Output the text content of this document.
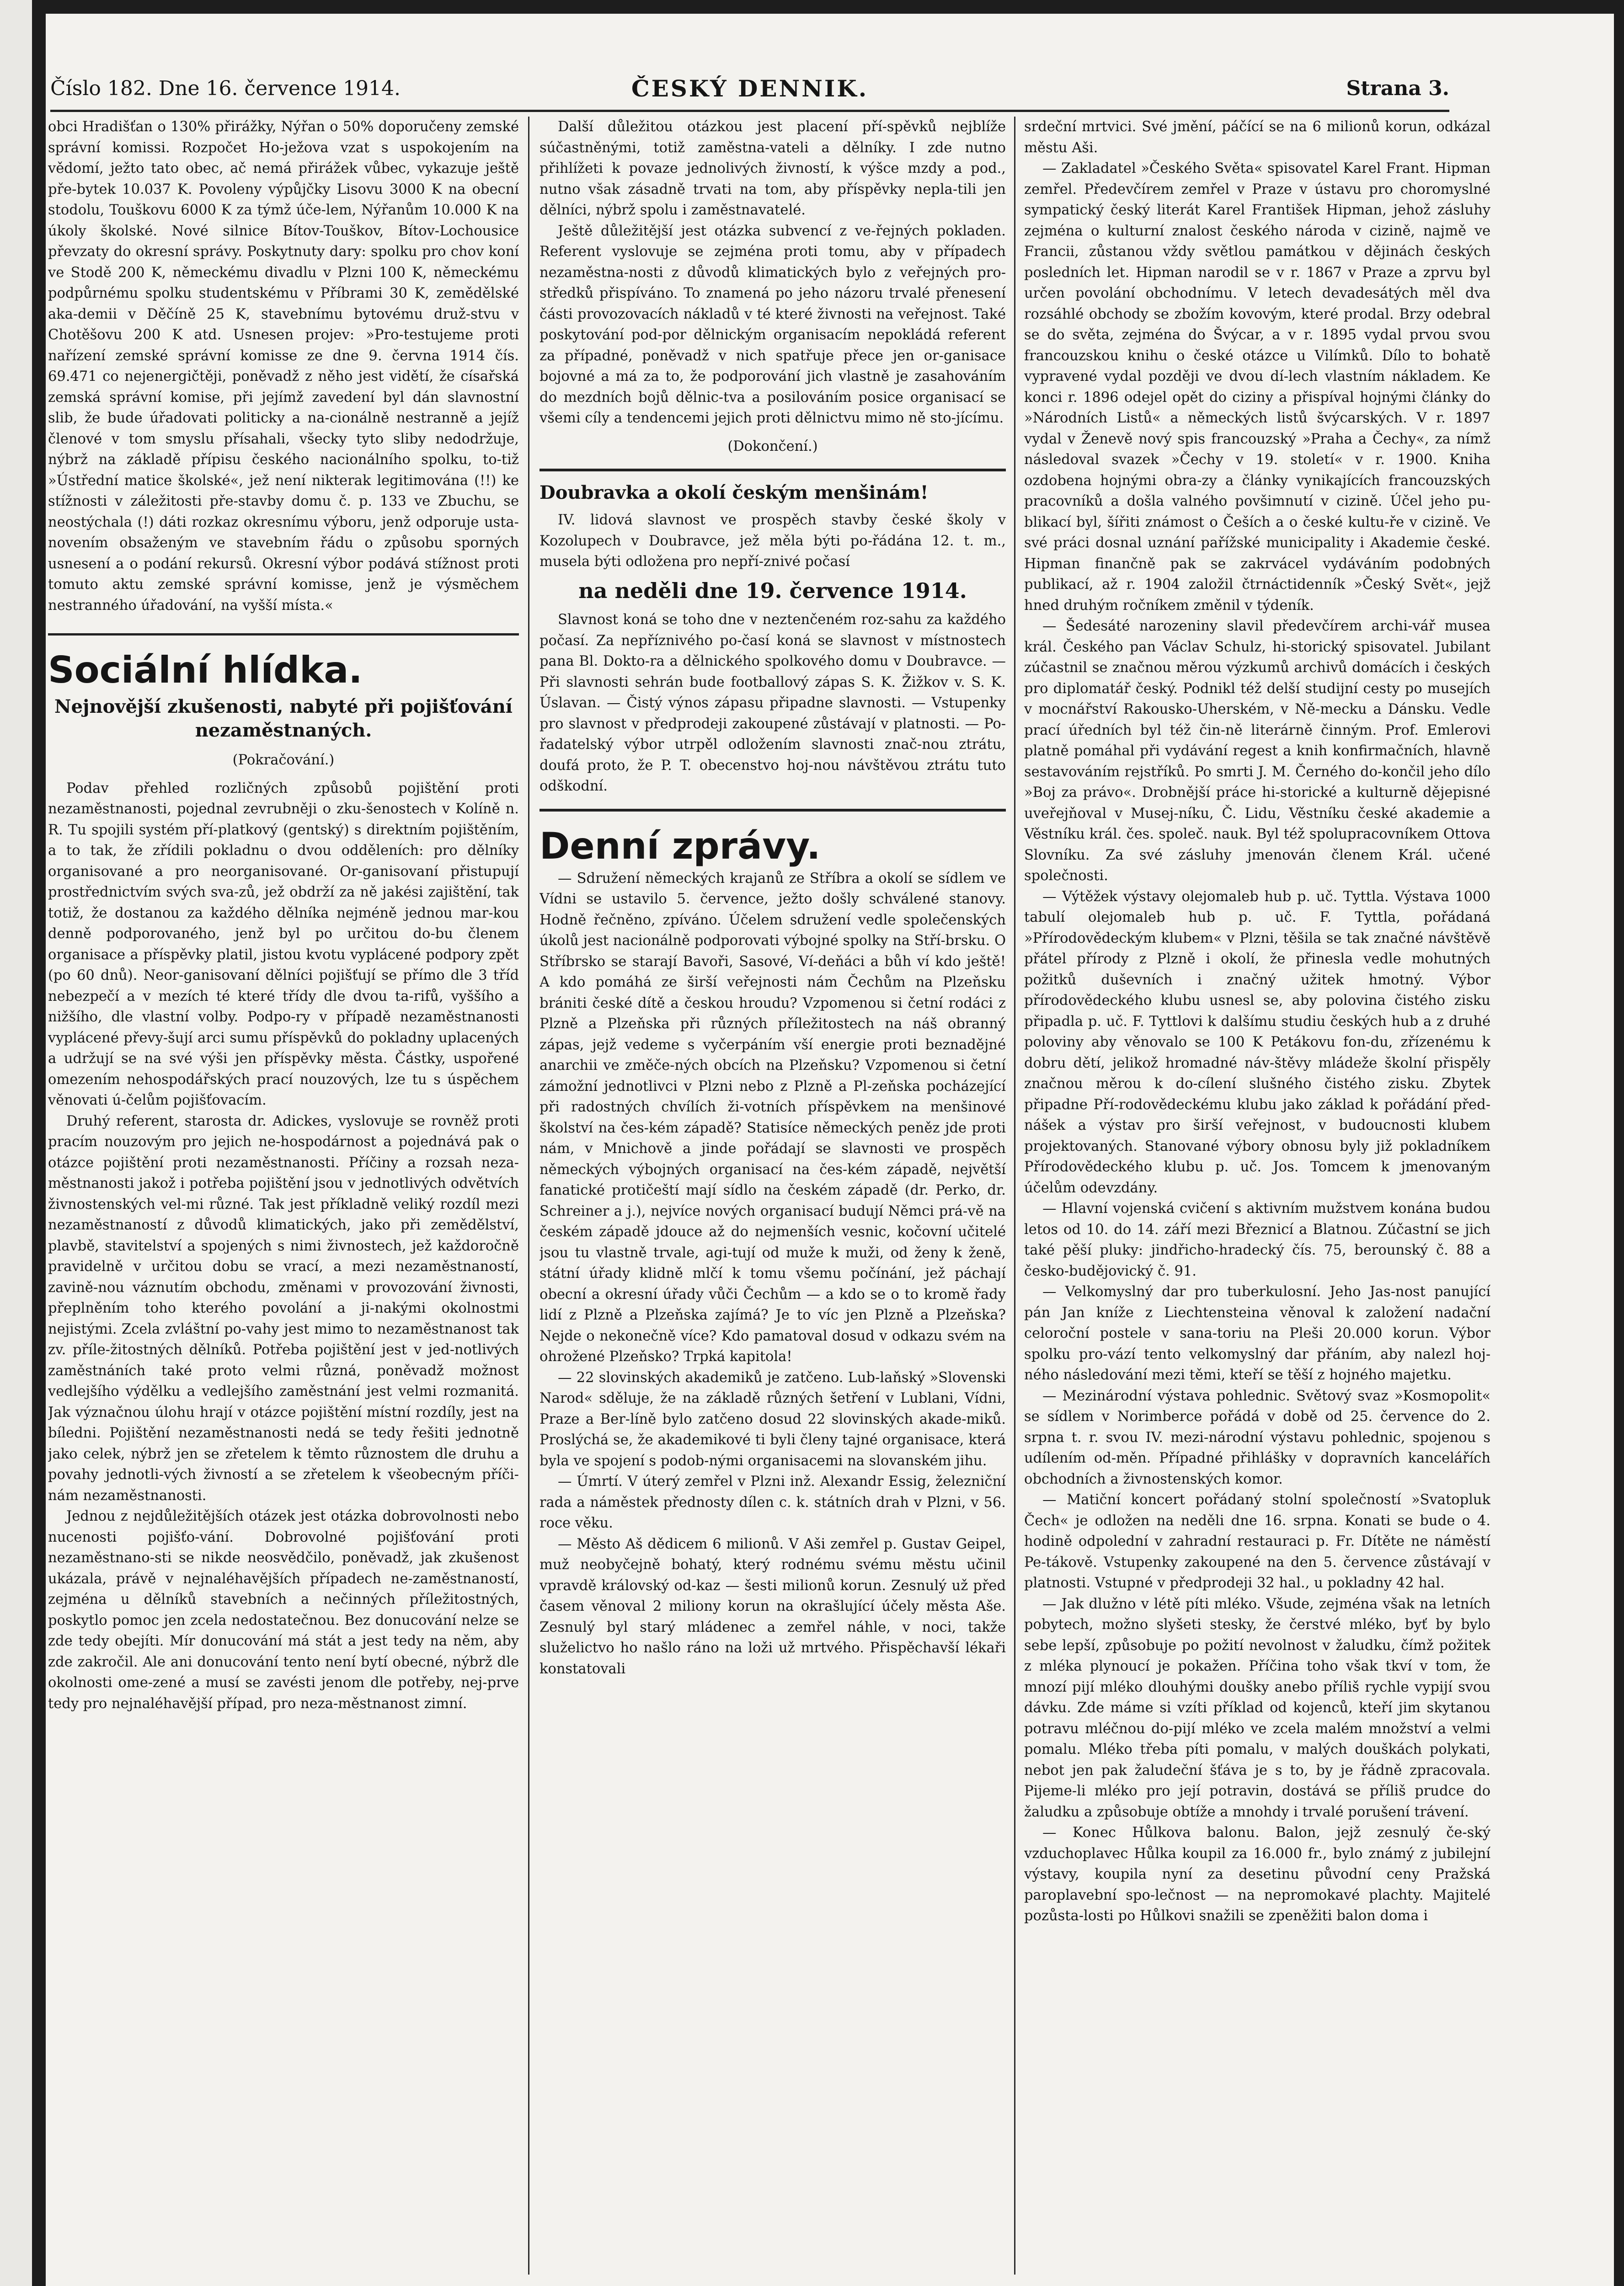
Číslo 182. Dne 16. července 1914.	ČESKÝ DENNIK.	Strana 3.

obci Hradišťan o 130% přirážky, Nýřan o 50% doporučeny zemské správní komissi. Rozpočet Ho-ježova vzat s uspokojením na vědomí, ježto tato obec, ač nemá přirážek vůbec, vykazuje ještě pře-bytek 10.037 K. Povoleny výpůjčky Lisovu 3000 K na obecní stodolu, Touškovu 6000 K za týmž úče-lem, Nýřanům 10.000 K na úkoly školské. Nové silnice Bítov-Touškov, Bítov-Lochousice převzaty do okresní správy. Poskytnuty dary: spolku pro chov koní ve Stodě 200 K, německému divadlu v Plzni 100 K, německému podpůrnému spolku studentskému v Příbrami 30 K, zemědělské aka-demii v Děčíně 25 K, stavebnímu bytovému druž-stvu v Chotěšovu 200 K atd. Usnesen projev: »Pro-testujeme proti nařízení zemské správní komisse ze dne 9. června 1914 čís. 69.471 co nejenergičtěji, poněvadž z něho jest vidětí, že císařská zemská správní komise, při jejímž zavedení byl dán slavnostní slib, že bude úřadovati politicky a na-cionálně nestranně a jejíž členové v tom smyslu přísahali, všecky tyto sliby nedodržuje, nýbrž na základě přípisu českého nacionálního spolku, to-tiž »Ústřední matice školské«, jež není nikterak legitimována (!!) ke stížnosti v záležitosti pře-stavby domu č. p. 133 ve Zbuchu, se neostýchala (!) dáti rozkaz okresnímu výboru, jenž odporuje usta-novením obsaženým ve stavebním řádu o způsobu sporných usnesení a o podání rekursů. Okresní výbor podává stížnost proti tomuto aktu zemské správní komisse, jenž je výsměchem nestranného úřadování, na vyšší místa.«

Sociální hlídka.
Nejnovější zkušenosti, nabyté při pojišťování nezaměstnaných.
(Pokračování.)

Podav přehled rozličných způsobů pojištění proti nezaměstnanosti, pojednal zevrubněji o zku-šenostech v Kolíně n. R. Tu spojili systém pří-platkový (gentský) s direktním pojištěním, a to tak, že zřídili pokladnu o dvou odděleních: pro dělníky organisované a pro neorganisované. Or-ganisovaní přistupují prostřednictvím svých sva-zů, jež obdrží za ně jakési zajištění, tak totiž, že dostanou za každého dělníka nejméně jednou mar-kou denně podporovaného, jenž byl po určitou do-bu členem organisace a příspěvky platil, jistou kvotu vyplácené podpory zpět (po 60 dnů). Neor-ganisovaní dělníci pojišťují se přímo dle 3 tříd nebezpečí a v mezích té které třídy dle dvou ta-rifů, vyššího a nižšího, dle vlastní volby. Podpo-ry v případě nezaměstnanosti vyplácené převy-šují arci sumu příspěvků do pokladny uplacených a udržují se na své výši jen příspěvky města. Částky, uspořené omezením nehospodářských prací nouzových, lze tu s úspěchem věnovati ú-čelům pojišťovacím.

Druhý referent, starosta dr. Adickes, vyslovuje se rovněž proti pracím nouzovým pro jejich ne-hospodárnost a pojednává pak o otázce pojištění proti nezaměstnanosti. Příčiny a rozsah neza-městnanosti jakož i potřeba pojištění jsou v jednotlivých odvětvích živnostenských vel-mi různé. Tak jest příkladně veliký rozdíl mezi nezaměstnaností z důvodů klimatických, jako při zemědělství, plavbě, stavitelství a spojených s nimi živnostech, jež každoročně pravidelně v určitou dobu se vrací, a mezi nezaměstnaností, zavině-nou váznutím obchodu, změnami v provozování živnosti, přeplněním toho kterého povolání a ji-nakými okolnostmi nejistými. Zcela zvláštní po-vahy jest mimo to nezaměstnanost tak zv. příle-žitostných dělníků. Potřeba pojištění jest v jed-notlivých zaměstnáních také proto velmi různá, poněvadž možnost vedlejšího výdělku a vedlejšího zaměstnání jest velmi rozmanitá. Jak význačnou úlohu hrají v otázce pojištění místní rozdíly, jest na bíledni. Pojištění nezaměstnanosti nedá se tedy řešiti jednotně jako celek, nýbrž jen se zřetelem k těmto různostem dle druhu a povahy jednotli-vých živností a se zřetelem k všeobecným příči-nám nezaměstnanosti.

Jednou z nejdůležitějších otázek jest otázka dobrovolnosti nebo nucenosti pojišťo-vání. Dobrovolné pojišťování proti nezaměstnano-sti se nikde neosvědčilo, poněvadž, jak zkušenost ukázala, právě v nejnaléhavějších případech ne-zaměstnaností, zejména u dělníků stavebních a nečinných příležitostných, poskytlo pomoc jen zcela nedostatečnou. Bez donucování nelze se zde tedy obejíti. Mír donucování má stát a jest tedy na něm, aby zde zakročil. Ale ani donucování tento není bytí obecné, nýbrž dle okolnosti ome-zené a musí se zavésti jenom dle potřeby, nej-prve tedy pro nejnaléhavější případ, pro neza-městnanost zimní.

Další důležitou otázkou jest placení pří-spěvků nejblíže súčastněnými, totiž zaměstna-vateli a dělníky. I zde nutno přihlížeti k povaze jednolivých živností, k výšce mzdy a pod., nutno však zásadně trvati na tom, aby příspěvky nepla-tili jen dělníci, nýbrž spolu i zaměstnavatelé.

Ještě důležitější jest otázka subvencí z ve-řejných pokladen. Referent vyslovuje se zejména proti tomu, aby v případech nezaměstna-nosti z důvodů klimatických bylo z veřejných pro-středků přispíváno. To znamená po jeho názoru trvalé přenesení části provozovacích nákladů v té které živnosti na veřejnost. Také poskytování pod-por dělnickým organisacím nepokládá referent za případné, poněvadž v nich spatřuje přece jen or-ganisace bojovné a má za to, že podporování jich vlastně je zasahováním do mezdních bojů dělnic-tva a posilováním posice organisací se všemi cíly a tendencemi jejich proti dělnictvu mimo ně sto-jícímu.

(Dokončení.)
Doubravka a okolí českým menšinám!

IV. lidová slavnost ve prospěch stavby české školy v Kozolupech v Doubravce, jež měla býti po-řádána 12. t. m., musela býti odložena pro nepří-znivé počasí

na neděli dne 19. července 1914.

Slavnost koná se toho dne v neztenčeném roz-sahu za každého počasí. Za nepříznivého po-časí koná se slavnost v místnostech pana Bl. Dokto-ra a dělnického spolkového domu v Doubravce. — Při slavnosti sehrán bude footballový zápas S. K. Žižkov v. S. K. Úslavan. — Čistý výnos zápasu připadne slavnosti. — Vstupenky pro slavnost v předprodeji zakoupené zůstávají v platnosti. — Po-řadatelský výbor utrpěl odložením slavnosti znač-nou ztrátu, doufá proto, že P. T. obecenstvo hoj-nou návštěvou ztrátu tuto odškodní.

Denní zprávy.

— Sdružení německých krajanů ze Stříbra a okolí se sídlem ve Vídni se ustavilo 5. července, ježto došly schválené stanovy. Hodně řečněno, zpíváno. Účelem sdružení vedle společenských úkolů jest nacionálně podporovati výbojné spolky na Stří-brsku. O Stříbrsko se starají Bavoři, Sasové, Ví-deňáci a bůh ví kdo ještě! A kdo pomáhá ze širší veřejnosti nám Čechům na Plzeňsku brániti české dítě a českou hroudu? Vzpomenou si četní rodáci z Plzně a Plzeňska při různých příležitostech na náš obranný zápas, jejž vedeme s vyčerpáním vší energie proti beznadějné anarchii ve změče-ných obcích na Plzeňsku? Vzpomenou si četní zámožní jednotlivci v Plzni nebo z Plzně a Pl-zeňska pocházející při radostných chvílích ži-votních příspěvkem na menšinové školství na čes-kém západě? Statisíce německých peněz jde proti nám, v Mnichově a jinde pořádají se slavnosti ve prospěch německých výbojných organisací na čes-kém západě, největší fanatické protičeští mají sídlo na českém západě (dr. Perko, dr. Schreiner a j.), nejvíce nových organisací budují Němci prá-vě na českém západě jdouce až do nejmenších vesnic, kočovní učitelé jsou tu vlastně trvale, agi-tují od muže k muži, od ženy k ženě, státní úřady klidně mlčí k tomu všemu počínání, jež páchají obecní a okresní úřady vůči Čechům — a kdo se o to kromě řady lidí z Plzně a Plzeňska zajímá? Je to víc jen Plzně a Plzeňska? Nejde o nekonečně více? Kdo pamatoval dosud v odkazu svém na ohrožené Plzeňsko? Trpká kapitola!

— 22 slovinských akademiků je zatčeno. Lub-laňský »Slovenski Narod« sděluje, že na základě různých šetření v Lublani, Vídni, Praze a Ber-líně bylo zatčeno dosud 22 slovinských akade-miků. Proslýchá se, že akademikové ti byli členy tajné organisace, která byla ve spojení s podob-nými organisacemi na slovanském jihu.

— Úmrtí. V úterý zemřel v Plzni inž. Alexandr Essig, železniční rada a náměstek přednosty dílen c. k. státních drah v Plzni, v 56. roce věku.

— Město Aš dědicem 6 milionů. V Aši zemřel p. Gustav Geipel, muž neobyčejně bohatý, který rodnému svému městu učinil vpravdě královský od-kaz — šesti milionů korun. Zesnulý už před časem věnoval 2 miliony korun na okrašlující účely města Aše. Zesnulý byl starý mládenec a zemřel náhle, v noci, takže služelictvo ho našlo ráno na loži už mrtvého. Přispěchavší lékaři konstatovali

srdeční mrtvici. Své jmění, páčící se na 6 milionů korun, odkázal městu Aši.

— Zakladatel »Českého Světa« spisovatel Karel Frant. Hipman zemřel. Předevčírem zemřel v Praze v ústavu pro choromyslné sympatický český literát Karel František Hipman, jehož zásluhy zejména o kulturní znalost českého národa v cizině, najmě ve Francii, zůstanou vždy světlou památkou v dějinách českých posledních let. Hipman narodil se v r. 1867 v Praze a zprvu byl určen povolání obchodnímu. V letech devadesátých měl dva rozsáhlé obchody se zbožím kovovým, které prodal. Brzy odebral se do světa, zejména do Švýcar, a v r. 1895 vydal prvou svou francouzskou knihu o české otázce u Vilímků. Dílo to bohatě vypravené vydal později ve dvou dí-lech vlastním nákladem. Ke konci r. 1896 odejel opět do ciziny a přispíval hojnými články do »Národních Listů« a německých listů švýcarských. V r. 1897 vydal v Ženevě nový spis francouzský »Praha a Čechy«, za nímž následoval svazek »Čechy v 19. století« v r. 1900. Kniha ozdobena hojnými obra-zy a články vynikajících francouzských pracovníků a došla valného povšimnutí v cizině. Účel jeho pu-blikací byl, šířiti známost o Češích a o české kultu-ře v cizině. Ve své práci dosnal uznání pařížské municipality i Akademie české. Hipman finančně pak se zakrvácel vydáváním podobných publikací, až r. 1904 založil čtrnáctidenník »Český Svět«, jejž hned druhým ročníkem změnil v týdeník.

— Šedesáté narozeniny slavil předevčírem archi-vář musea král. Českého pan Václav Schulz, hi-storický spisovatel. Jubilant zúčastnil se značnou měrou výzkumů archivů domácích i českých pro diplomatář český. Podnikl též delší studijní cesty po musejích v mocnářství Rakousko-Uherském, v Ně-mecku a Dánsku. Vedle prací úředních byl též čin-ně literárně činným. Prof. Emlerovi platně pomáhal při vydávání regest a knih konfirmačních, hlavně sestavováním rejstříků. Po smrti J. M. Černého do-končil jeho dílo »Boj za právo«. Drobnější práce hi-storické a kulturně dějepisné uveřejňoval v Musej-níku, Č. Lidu, Věstníku české akademie a Věstníku král. čes. společ. nauk. Byl též spolupracovníkem Ottova Slovníku. Za své zásluhy jmenován členem Král. učené společnosti.

— Výtěžek výstavy olejomaleb hub p. uč. Tyttla. Výstava 1000 tabulí olejomaleb hub p. uč. F. Tyttla, pořádaná »Přírodovědeckým klubem« v Plzni, těšila se tak značné návštěvě přátel přírody z Plzně i okolí, že přinesla vedle mohutných požitků duševních i značný užitek hmotný. Výbor přírodovědeckého klubu usnesl se, aby polovina čistého zisku připadla p. uč. F. Tyttlovi k dalšímu studiu českých hub a z druhé poloviny aby věnovalo se 100 K Petákovu fon-du, zřízenému k dobru dětí, jelikož hromadné náv-štěvy mládeže školní přispěly značnou měrou k do-cílení slušného čistého zisku. Zbytek připadne Pří-rodovědeckému klubu jako základ k pořádání před-nášek a výstav pro širší veřejnost, v budoucnosti klubem projektovaných. Stanované výbory obnosu byly již pokladníkem Přírodovědeckého klubu p. uč. Jos. Tomcem k jmenovaným účelům odevzdány.

— Hlavní vojenská cvičení s aktivním mužstvem konána budou letos od 10. do 14. září mezi Březnicí a Blatnou. Zúčastní se jich také pěší pluky: jindřicho-hradecký čís. 75, berounský č. 88 a česko-budějovický č. 91.

— Velkomyslný dar pro tuberkulosní. Jeho Jas-nost panující pán Jan kníže z Liechtensteina věnoval k založení nadační celoroční postele v sana-toriu na Pleši 20.000 korun. Výbor spolku pro-vází tento velkomyslný dar přáním, aby nalezl hoj-ného následování mezi těmi, kteří se těší z hojného majetku.

— Mezinárodní výstava pohlednic. Světový svaz »Kosmopolit« se sídlem v Norimberce pořádá v době od 25. července do 2. srpna t. r. svou IV. mezi-národní výstavu pohlednic, spojenou s udílením od-měn. Případné přihlášky v dopravních kancelářích obchodních a živnostenských komor.

— Matiční koncert pořádaný stolní společností »Svatopluk Čech« je odložen na neděli dne 16. srpna. Konati se bude o 4. hodině odpolední v zahradní restauraci p. Fr. Dítěte ne náměstí Pe-tákově. Vstupenky zakoupené na den 5. července zůstávají v platnosti. Vstupné v předprodeji 32 hal., u pokladny 42 hal.

— Jak dlužno v létě píti mléko. Všude, zejména však na letních pobytech, možno slyšeti stesky, že čerstvé mléko, byť by bylo sebe lepší, způsobuje po požití nevolnost v žaludku, čímž požitek z mléka plynoucí je pokažen. Příčina toho však tkví v tom, že mnozí pijí mléko dlouhými doušky anebo příliš rychle vypijí svou dávku. Zde máme si vzíti příklad od kojenců, kteří jim skytanou potravu mléčnou do-pijí mléko ve zcela malém množství a velmi pomalu. Mléko třeba píti pomalu, v malých douškách polykati, nebot jen pak žaludeční šťáva je s to, by je řádně zpracovala. Pijeme-li mléko pro její potravin, dostává se příliš prudce do žaludku a způsobuje obtíže a mnohdy i trvalé porušení trávení.

— Konec Hůlkova balonu. Balon, jejž zesnulý če-ský vzduchoplavec Hůlka koupil za 16.000 fr., bylo známý z jubilejní výstavy, koupila nyní za desetinu původní ceny Pražská paroplavební spo-lečnost — na nepromokavé plachty. Majitelé pozůsta-losti po Hůlkovi snažili se zpeněžiti balon doma i
